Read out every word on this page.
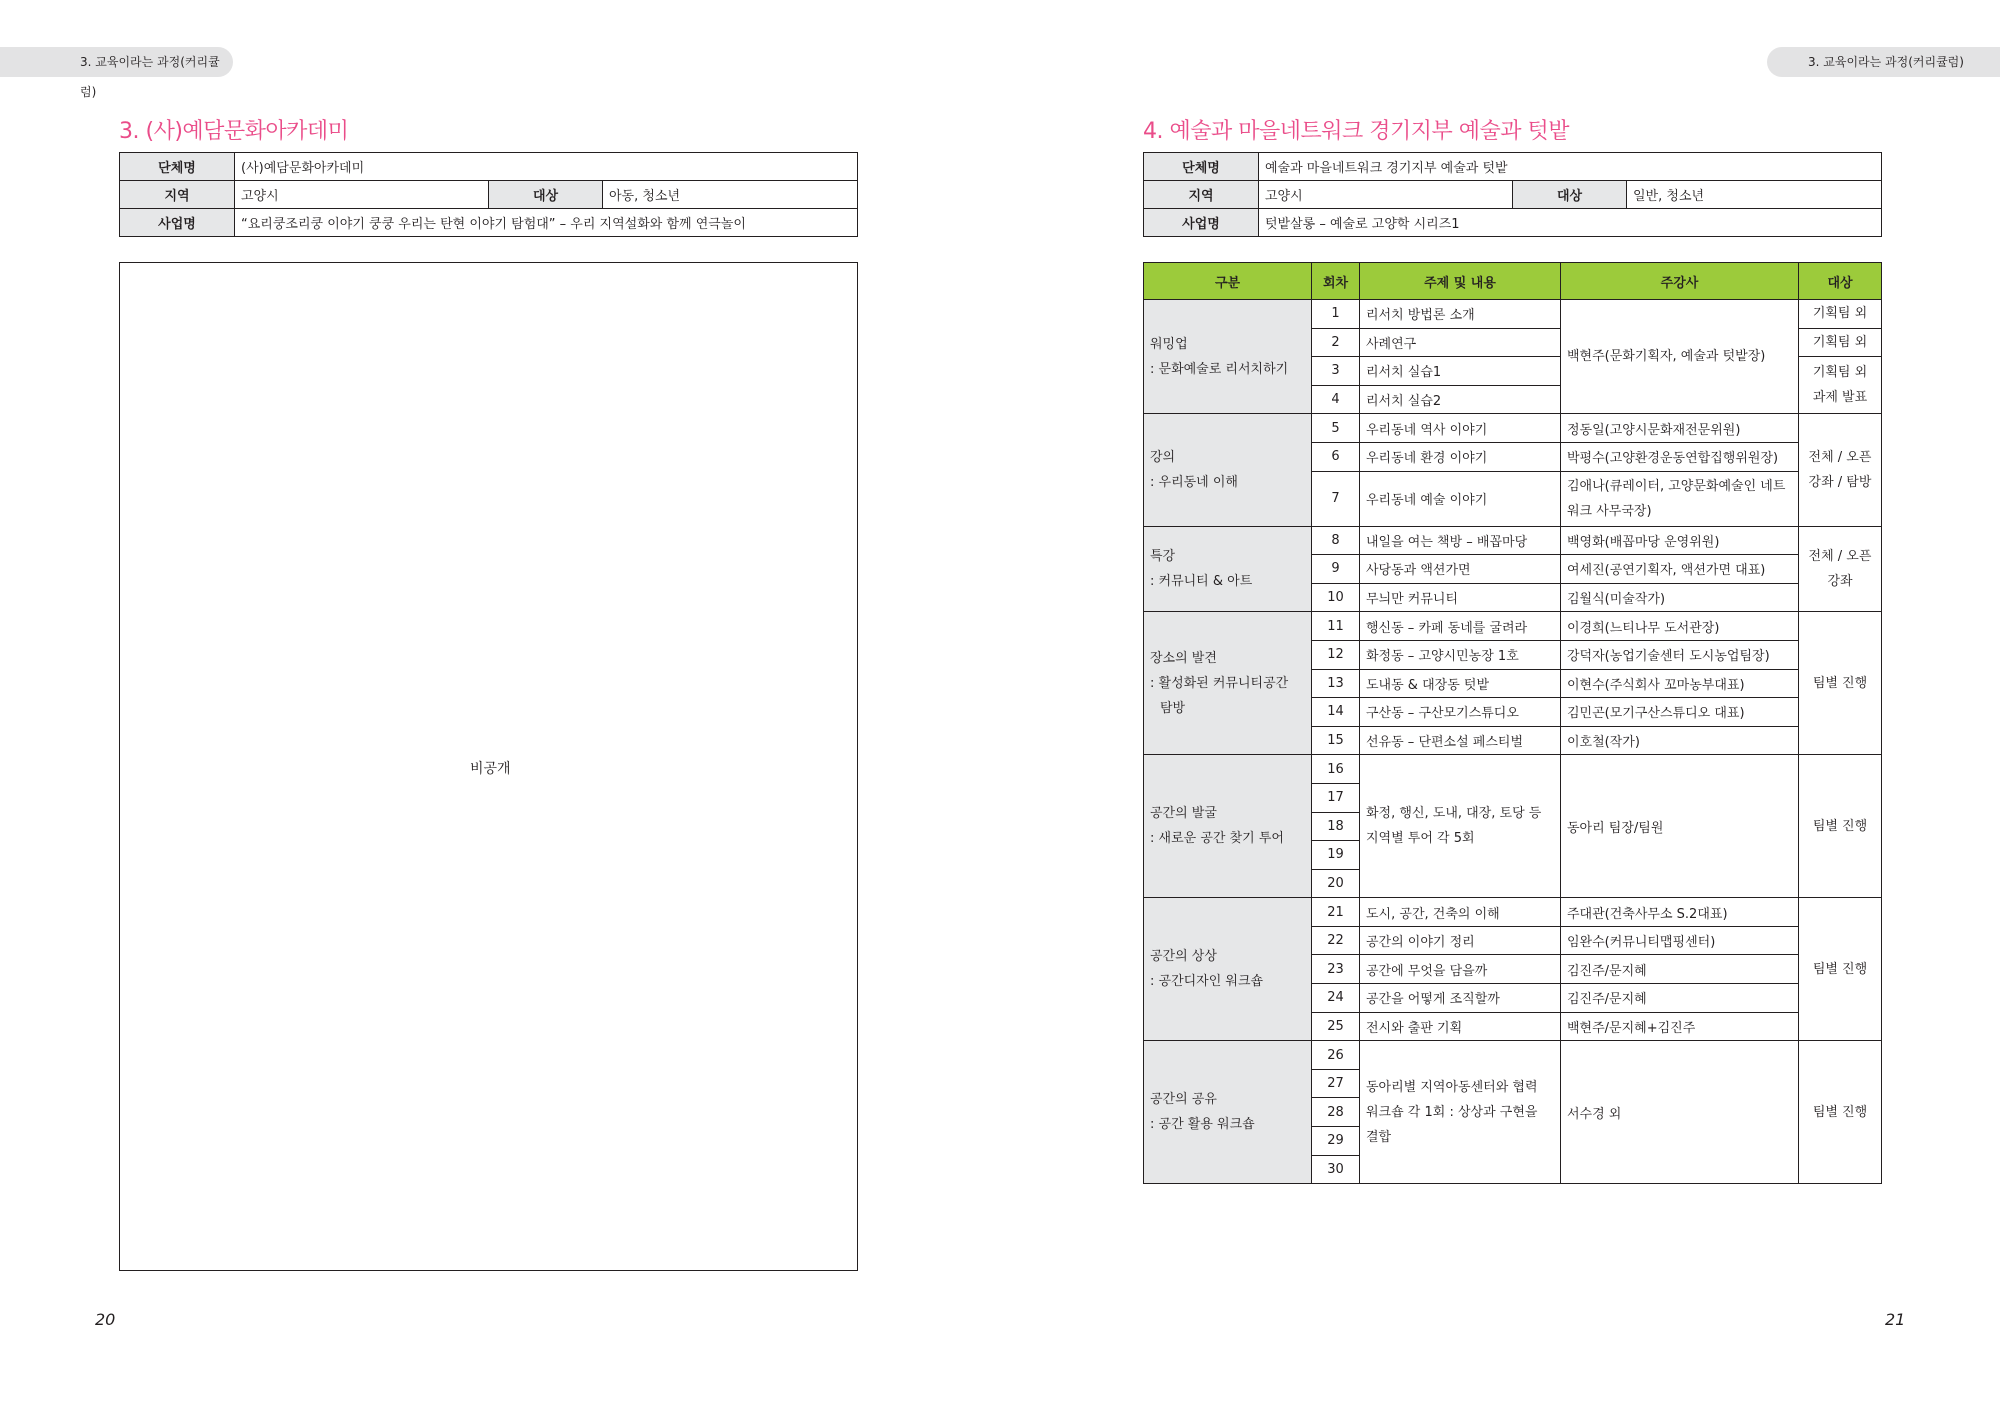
3. 교육이라는 과정(커리큘럼)
3. 교육이라는 과정(커리큘럼)
3. (사)예담문화아카데미
단체명	(사)예담문화아카데미		
지역	고양시	대상	아동, 청소년
사업명	“요리쿵조리쿵 이야기 쿵쿵 우리는 탄현 이야기 탐험대” – 우리 지역설화와 함께 연극놀이		
비공개
20
4. 예술과 마을네트워크 경기지부 예술과 텃밭
단체명	예술과 마을네트워크 경기지부 예술과 텃밭		
지역	고양시	대상	일반, 청소년
사업명	텃밭살롱 – 예술로 고양학 시리즈1		
구분	회차	주제 및 내용	주강사	대상

워밍업
: 문화예술로 리서치하기	1	리서치 방법론 소개	백현주(문화기획자, 예술과 텃밭장)	기획팀 외
	2	사례연구		기획팀 외
	3	리서치 실습1		기획팀 외 과제 발표
	4	리서치 실습2		

강의
: 우리동네 이해	5	우리동네 역사 이야기	정동일(고양시문화재전문위원)	전체 / 오픈강좌 / 탐방
	6	우리동네 환경 이야기	박평수(고양환경운동연합집행위원장)	
	7	우리동네 예술 이야기	김애나(큐레이터, 고양문화예술인 네트워크 사무국장)	

특강
: 커뮤니티 & 아트	8	내일을 여는 책방 – 배꼽마당	백영화(배꼽마당 운영위원)	전체 / 오픈강좌
	9	사당동과 액션가면	여세진(공연기획자, 액션가면 대표)	
	10	무늬만 커뮤니티	김월식(미술작가)	

장소의 발견
: 활성화된 커뮤니티공간
탐방	11	행신동 – 카페 동네를 굴려라	이경희(느티나무 도서관장)	팀별 진행
	12	화정동 – 고양시민농장 1호	강덕자(농업기술센터 도시농업팀장)	
	13	도내동 & 대장동 텃밭	이현수(주식회사 꼬마농부대표)	
	14	구산동 – 구산모기스튜디오	김민곤(모기구산스튜디오 대표)	
	15	선유동 – 단편소설 페스티벌	이호철(작가)	

공간의 발굴
: 새로운 공간 찾기 투어	16	화정, 행신, 도내, 대장, 토당 등 지역별 투어 각 5회	동아리 팀장/팀원	팀별 진행
	17			
	18			
	19			
	20			

공간의 상상
: 공간디자인 워크숍	21	도시, 공간, 건축의 이해	주대관(건축사무소 S.2대표)	팀별 진행
	22	공간의 이야기 정리	임완수(커뮤니티맵핑센터)	
	23	공간에 무엇을 담을까	김진주/문지혜	
	24	공간을 어떻게 조직할까	김진주/문지혜	
	25	전시와 출판 기획	백현주/문지혜+김진주	

공간의 공유
: 공간 활용 워크숍	26	동아리별 지역아동센터와 협력 워크숍 각 1회 : 상상과 구현을 결합	서수경 외	팀별 진행
	27			
	28			
	29			
	30			
21
